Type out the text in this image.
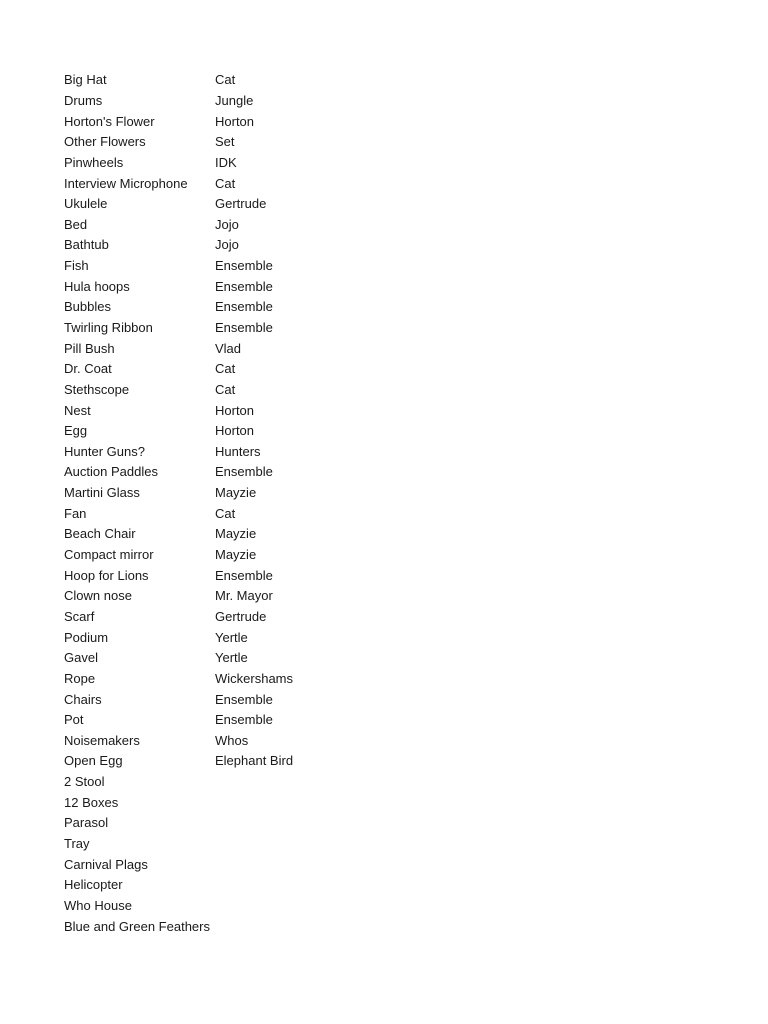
Big Hat	Cat
Drums	Jungle
Horton's Flower	Horton
Other Flowers	Set
Pinwheels	IDK
Interview Microphone	Cat
Ukulele	Gertrude
Bed	Jojo
Bathtub	Jojo
Fish	Ensemble
Hula hoops	Ensemble
Bubbles	Ensemble
Twirling Ribbon	Ensemble
Pill Bush	Vlad
Dr. Coat	Cat
Stethscope	Cat
Nest	Horton
Egg	Horton
Hunter Guns?	Hunters
Auction Paddles	Ensemble
Martini Glass	Mayzie
Fan	Cat
Beach Chair	Mayzie
Compact mirror	Mayzie
Hoop for Lions	Ensemble
Clown nose	Mr. Mayor
Scarf	Gertrude
Podium	Yertle
Gavel	Yertle
Rope	Wickershams
Chairs	Ensemble
Pot	Ensemble
Noisemakers	Whos
Open Egg	Elephant Bird
2 Stool
12 Boxes
Parasol
Tray
Carnival Plags
Helicopter
Who House
Blue and Green Feathers
